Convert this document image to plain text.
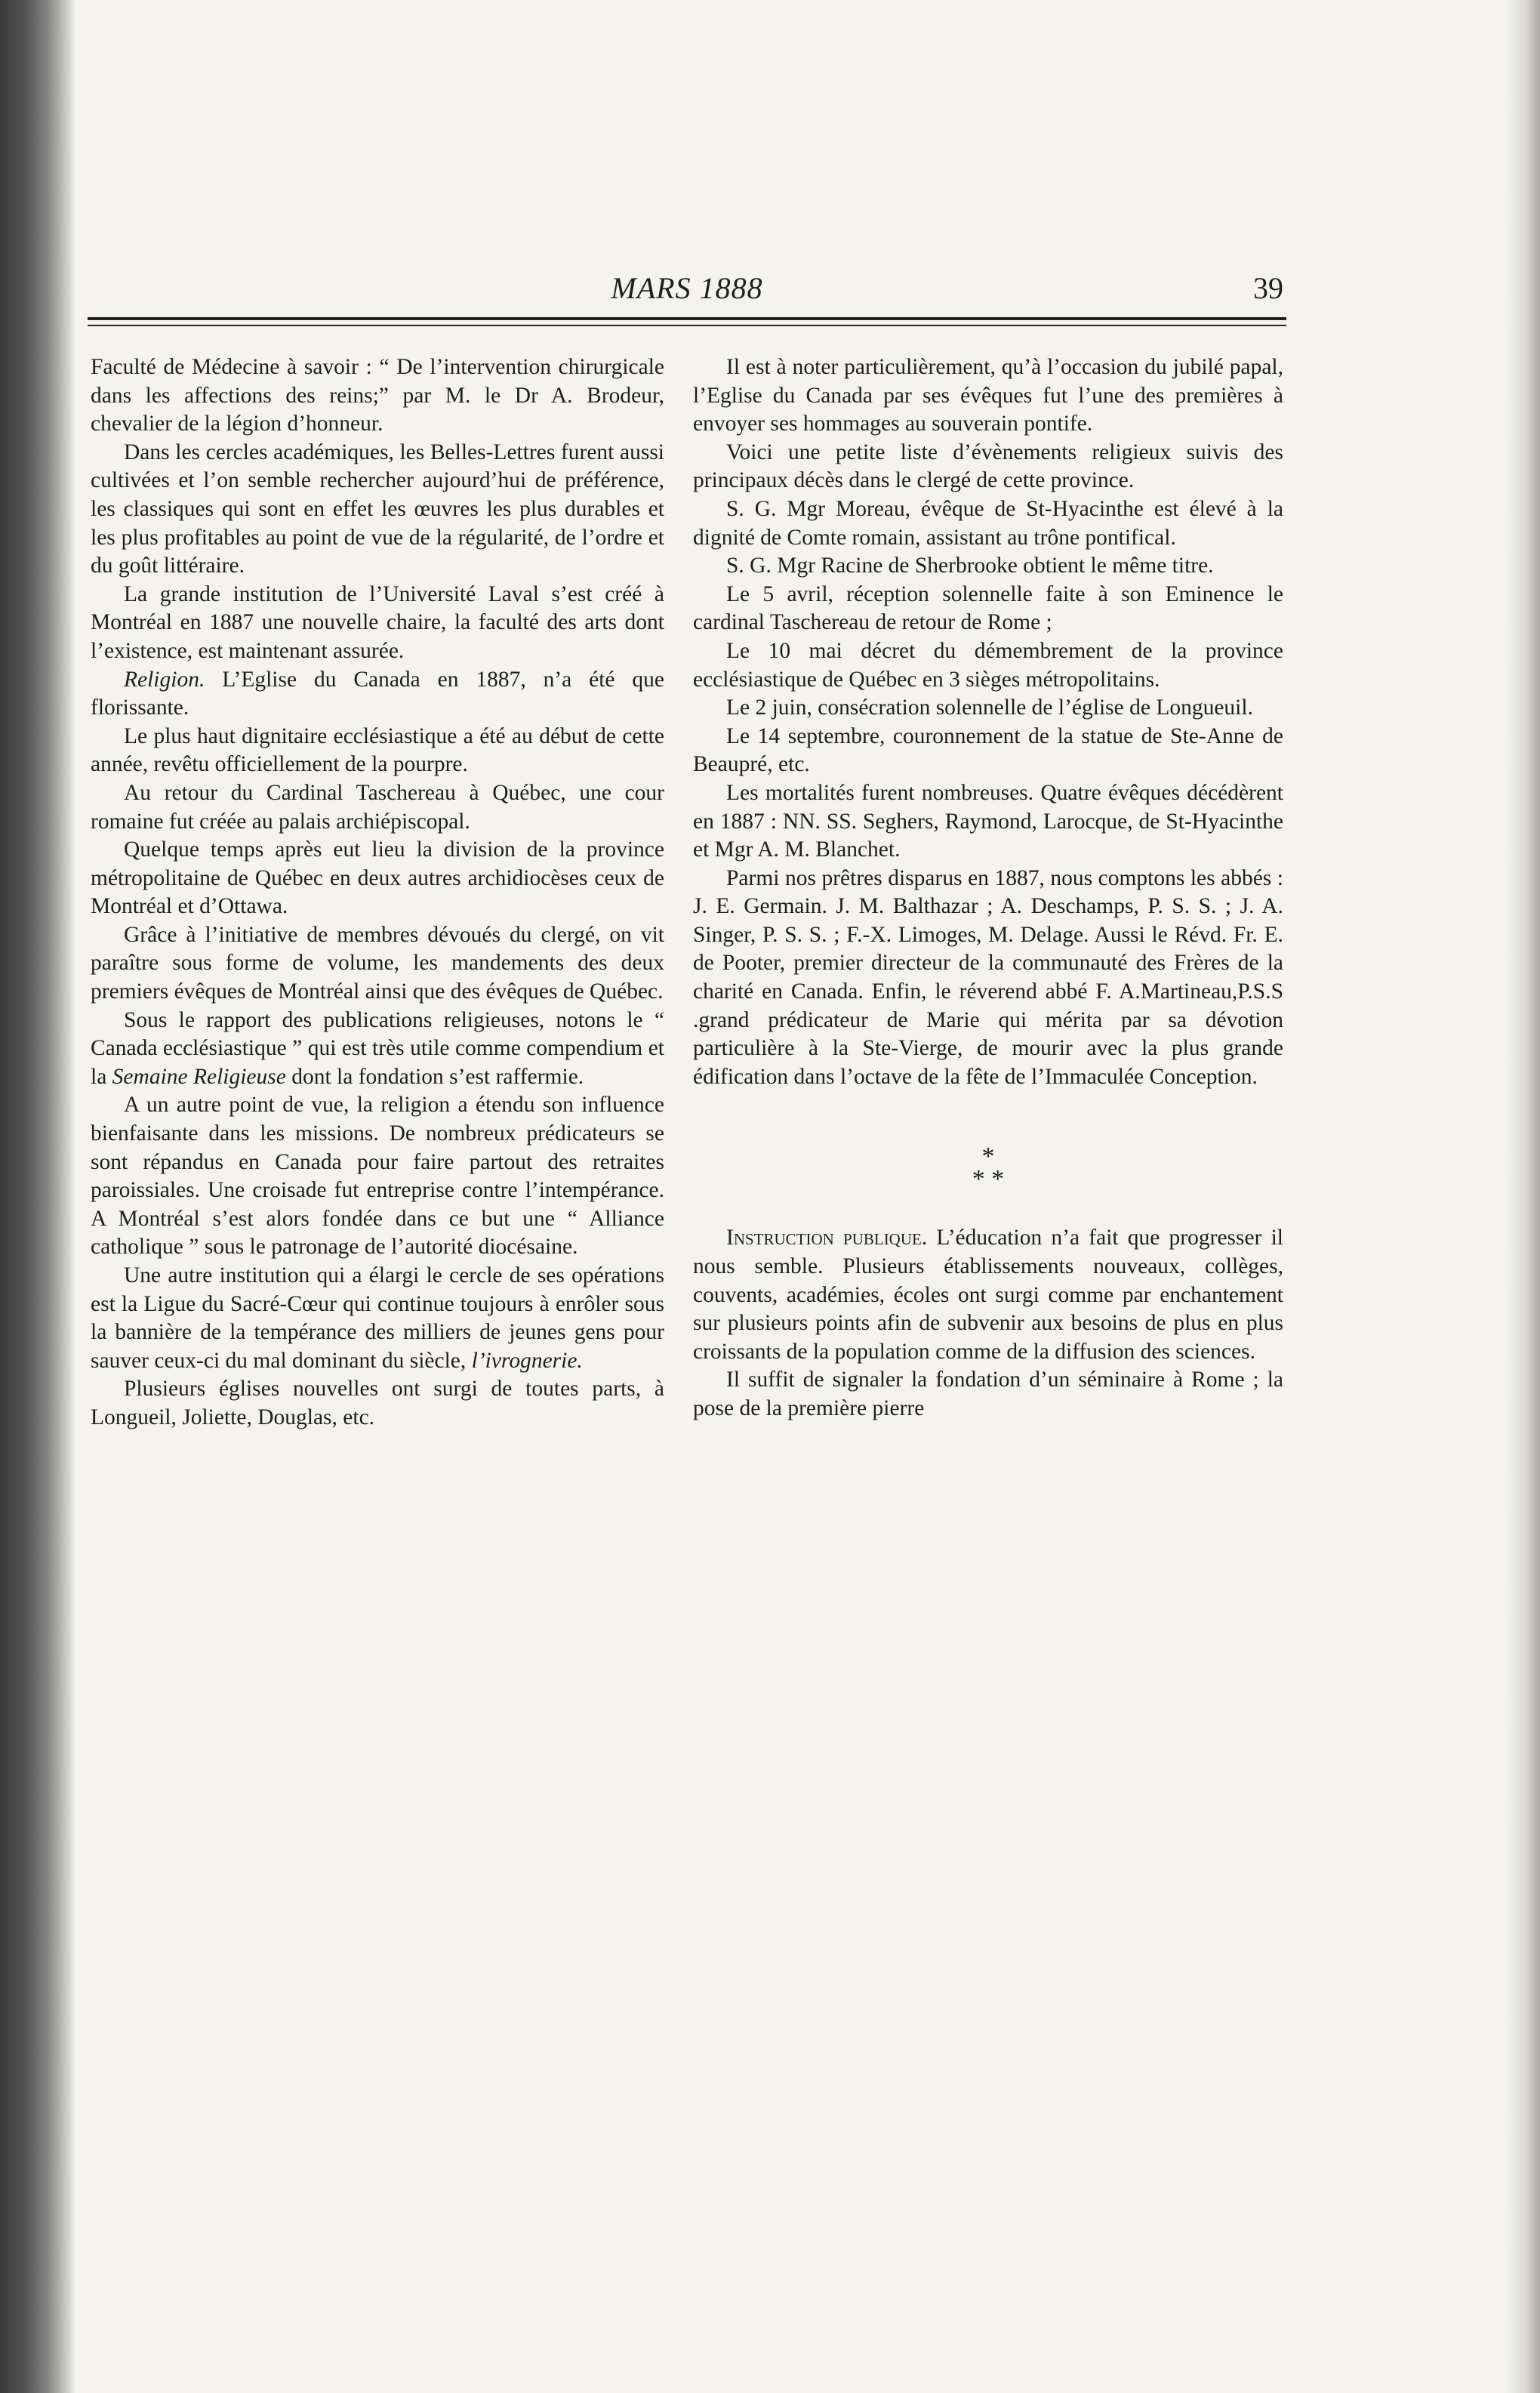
MARS 1888	39

Faculté de Médecine à savoir : “ De l’intervention chirurgicale dans les affections des reins;” par M. le Dr A. Brodeur, chevalier de la légion d’honneur.

Dans les cercles académiques, les Belles-Lettres furent aussi cultivées et l’on semble rechercher aujourd’hui de préférence, les classiques qui sont en effet les œuvres les plus durables et les plus profitables au point de vue de la régularité, de l’ordre et du goût littéraire.

La grande institution de l’Université Laval s’est créé à Montréal en 1887 une nouvelle chaire, la faculté des arts dont l’existence, est maintenant assurée.

Religion. L’Eglise du Canada en 1887, n’a été que florissante.

Le plus haut dignitaire ecclésiastique a été au début de cette année, revêtu officiellement de la pourpre.

Au retour du Cardinal Taschereau à Québec, une cour romaine fut créée au palais archiépiscopal.

Quelque temps après eut lieu la division de la province métropolitaine de Québec en deux autres archidiocèses ceux de Montréal et d’Ottawa.

Grâce à l’initiative de membres dévoués du clergé, on vit paraître sous forme de volume, les mandements des deux premiers évêques de Montréal ainsi que des évêques de Québec.

Sous le rapport des publications religieuses, notons le “ Canada ecclésiastique ” qui est très utile comme compendium et la Semaine Religieuse dont la fondation s’est raffermie.

A un autre point de vue, la religion a étendu son influence bienfaisante dans les missions. De nombreux prédicateurs se sont répandus en Canada pour faire partout des retraites paroissiales. Une croisade fut entreprise contre l’intempérance. A Montréal s’est alors fondée dans ce but une “ Alliance catholique ” sous le patronage de l’autorité diocésaine.

Une autre institution qui a élargi le cercle de ses opérations est la Ligue du Sacré-Cœur qui continue toujours à enrôler sous la bannière de la tempérance des milliers de jeunes gens pour sauver ceux-ci du mal dominant du siècle, l’ivrognerie.

Plusieurs églises nouvelles ont surgi de toutes parts, à Longueil, Joliette, Douglas, etc.

Il est à noter particulièrement, qu’à l’occasion du jubilé papal, l’Eglise du Canada par ses évêques fut l’une des premières à envoyer ses hommages au souverain pontife.

Voici une petite liste d’évènements religieux suivis des principaux décès dans le clergé de cette province.

S. G. Mgr Moreau, évêque de St-Hyacinthe est élevé à la dignité de Comte romain, assistant au trône pontifical.

S. G. Mgr Racine de Sherbrooke obtient le même titre.

Le 5 avril, réception solennelle faite à son Eminence le cardinal Taschereau de retour de Rome ;

Le 10 mai décret du démembrement de la province ecclésiastique de Québec en 3 sièges métropolitains.

Le 2 juin, consécration solennelle de l’église de Longueuil.

Le 14 septembre, couronnement de la statue de Ste-Anne de Beaupré, etc.

Les mortalités furent nombreuses. Quatre évêques décédèrent en 1887 : NN. SS. Seghers, Raymond, Larocque, de St-Hyacinthe et Mgr A. M. Blanchet.

Parmi nos prêtres disparus en 1887, nous comptons les abbés : J. E. Germain. J. M. Balthazar ; A. Deschamps, P. S. S. ; J. A. Singer, P. S. S. ; F.-X. Limoges, M. Delage. Aussi le Révd. Fr. E. de Pooter, premier directeur de la communauté des Frères de la charité en Canada. Enfin, le réverend abbé F. A.Martineau,P.S.S .grand prédicateur de Marie qui mérita par sa dévotion particulière à la Ste-Vierge, de mourir avec la plus grande édification dans l’octave de la fête de l’Immaculée Conception.

*
* *

Instruction publique. L’éducation n’a fait que progresser il nous semble. Plusieurs établissements nouveaux, collèges, couvents, académies, écoles ont surgi comme par enchantement sur plusieurs points afin de subvenir aux besoins de plus en plus croissants de la population comme de la diffusion des sciences.

Il suffit de signaler la fondation d’un séminaire à Rome ; la pose de la première pierre
